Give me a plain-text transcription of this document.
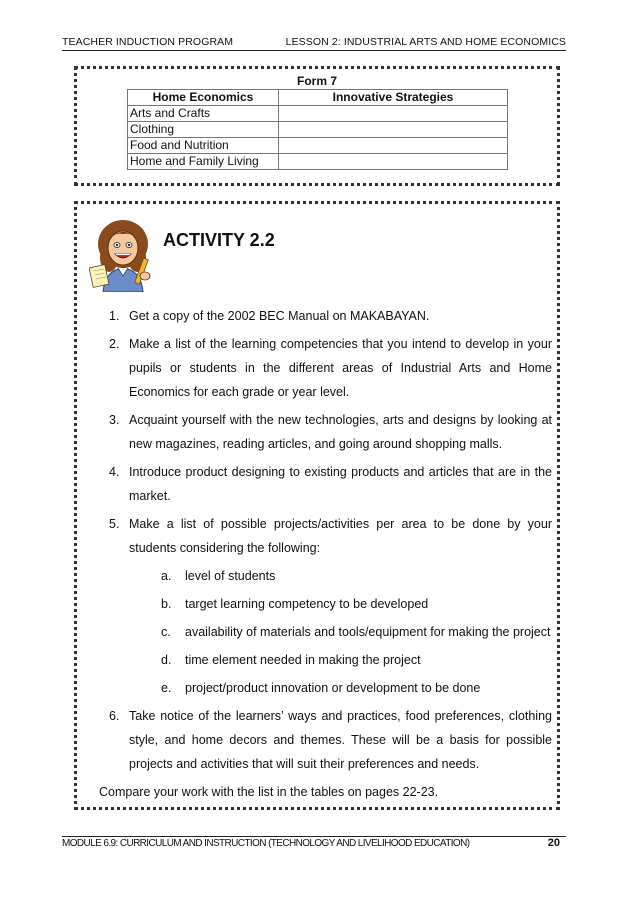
TEACHER INDUCTION PROGRAM	LESSON 2: INDUSTRIAL ARTS AND HOME ECONOMICS
Form 7
Home Economics	Innovative Strategies
Arts and Crafts	
Clothing	
Food and Nutrition	
Home and Family Living	
ACTIVITY 2.2
1. Get a copy of the 2002 BEC Manual on MAKABAYAN.
2. Make a list of the learning competencies that you intend to develop in your pupils or students in the different areas of Industrial Arts and Home Economics for each grade or year level.
3. Acquaint yourself with the new technologies, arts and designs by looking at new magazines, reading articles, and going around shopping malls.
4. Introduce product designing to existing products and articles that are in the market.
5. Make a list of possible projects/activities per area to be done by your students considering the following:
a. level of students
b. target learning competency to be developed
c. availability of materials and tools/equipment for making the project
d. time element needed in making the project
e. project/product innovation or development to be done
6. Take notice of the learners’ ways and practices, food preferences, clothing style, and home decors and themes. These will be a basis for possible projects and activities that will suit their preferences and needs.
Compare your work with the list in the tables on pages 22-23.
MODULE 6.9: CURRICULUM AND INSTRUCTION (TECHNOLOGY AND LIVELIHOOD EDUCATION)	20
